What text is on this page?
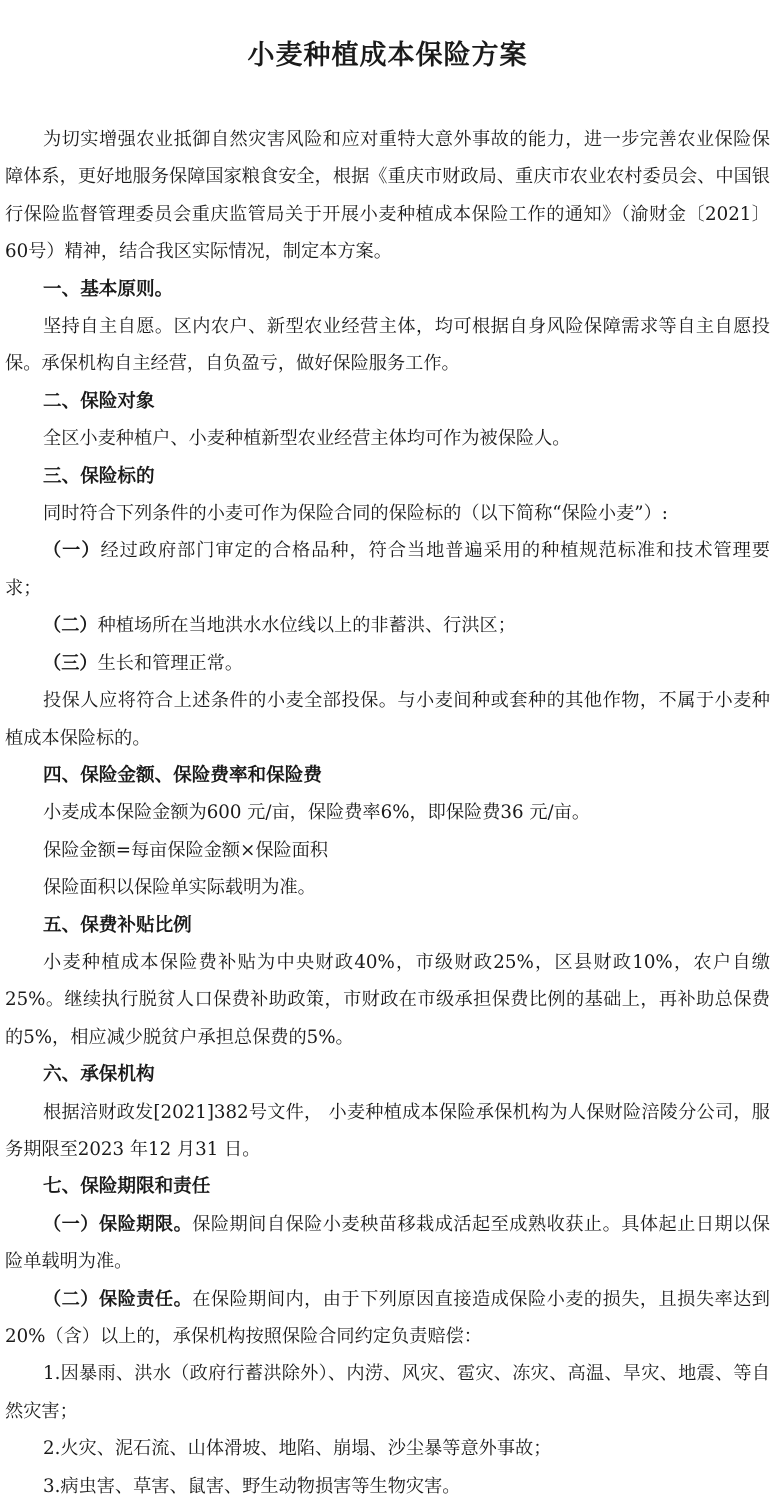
小麦种植成本保险方案

为切实增强农业抵御自然灾害风险和应对重特大意外事故的能力，进一步完善农业保险保障体系，更好地服务保障国家粮食安全，根据《重庆市财政局、重庆市农业农村委员会、中国银行保险监督管理委员会重庆监管局关于开展小麦种植成本保险工作的通知》（渝财金〔2021〕60号）精神，结合我区实际情况，制定本方案。

一、基本原则。

坚持自主自愿。区内农户、新型农业经营主体，均可根据自身风险保障需求等自主自愿投保。承保机构自主经营，自负盈亏，做好保险服务工作。

二、保险对象

全区小麦种植户、小麦种植新型农业经营主体均可作为被保险人。

三、保险标的

同时符合下列条件的小麦可作为保险合同的保险标的（以下简称“保险小麦”）:

（一）经过政府部门审定的合格品种，符合当地普遍采用的种植规范标准和技术管理要求；

（二）种植场所在当地洪水水位线以上的非蓄洪、行洪区；

（三）生长和管理正常。

投保人应将符合上述条件的小麦全部投保。与小麦间种或套种的其他作物，不属于小麦种植成本保险标的。

四、保险金额、保险费率和保险费

小麦成本保险金额为600 元/亩，保险费率6%，即保险费36 元/亩。

保险金额=每亩保险金额×保险面积

保险面积以保险单实际载明为准。

五、保费补贴比例

小麦种植成本保险费补贴为中央财政40%，市级财政25%，区县财政10%，农户自缴25%。继续执行脱贫人口保费补助政策，市财政在市级承担保费比例的基础上，再补助总保费的5%，相应减少脱贫户承担总保费的5%。

六、承保机构

根据涪财政发[2021]382号文件， 小麦种植成本保险承保机构为人保财险涪陵分公司，服务期限至2023 年12 月31 日。

七、保险期限和责任

（一）保险期限。保险期间自保险小麦秧苗移栽成活起至成熟收获止。具体起止日期以保险单载明为准。

（二）保险责任。在保险期间内，由于下列原因直接造成保险小麦的损失，且损失率达到20%（含）以上的，承保机构按照保险合同约定负责赔偿：

1.因暴雨、洪水（政府行蓄洪除外）、内涝、风灾、雹灾、冻灾、高温、旱灾、地震、等自然灾害；

2.火灾、泥石流、山体滑坡、地陷、崩塌、沙尘暴等意外事故；

3.病虫害、草害、鼠害、野生动物损害等生物灾害。
